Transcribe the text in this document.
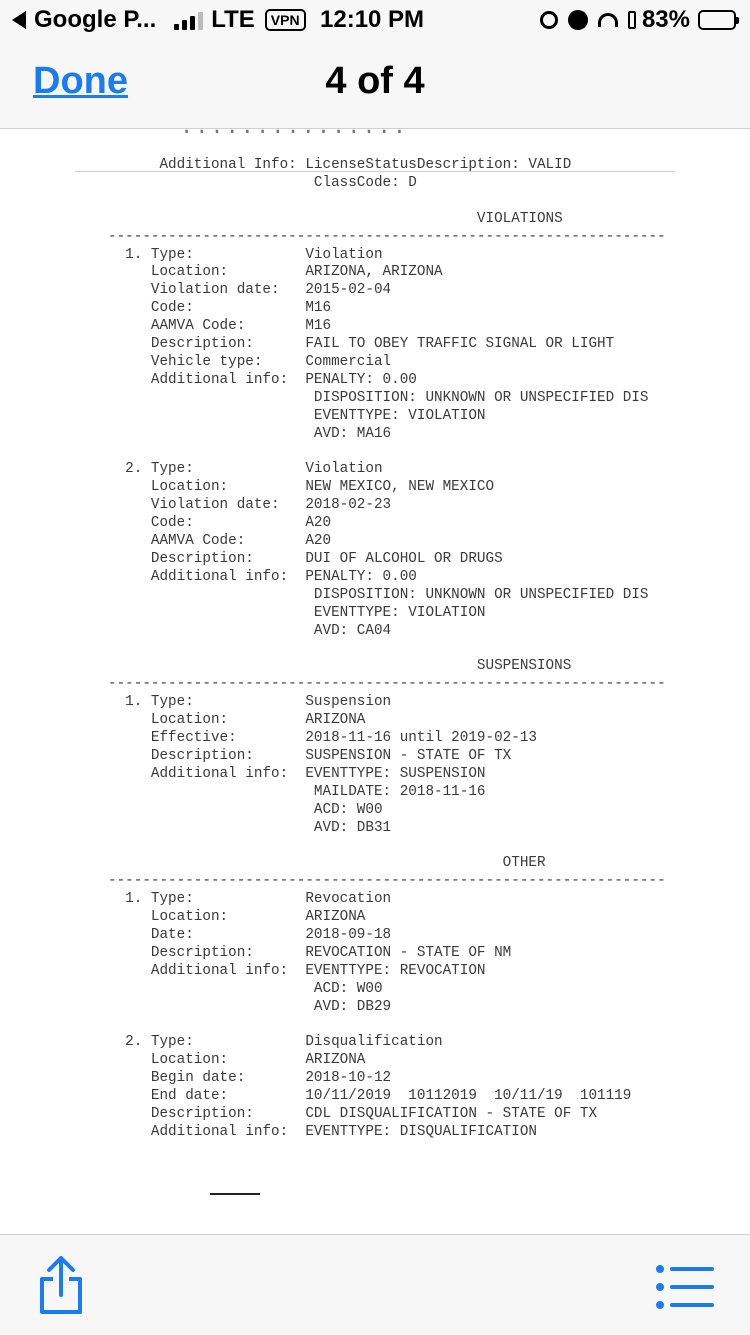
Google P... LTE	VPN 12:10 PM	83%
Done	4 of 4
...............
Additional Info: LicenseStatusDescription: VALID
ClassCode: D

VIOLATIONS
-----------------------------------------------------------------
1. Type:             Violation
Location:         ARIZONA, ARIZONA
Violation date:   2015-02-04
Code:             M16
AAMVA Code:       M16
Description:      FAIL TO OBEY TRAFFIC SIGNAL OR LIGHT
Vehicle type:     Commercial
Additional info:  PENALTY: 0.00
DISPOSITION: UNKNOWN OR UNSPECIFIED DIS
EVENTTYPE: VIOLATION
AVD: MA16

2. Type:             Violation
Location:         NEW MEXICO, NEW MEXICO
Violation date:   2018-02-23
Code:             A20
AAMVA Code:       A20
Description:      DUI OF ALCOHOL OR DRUGS
Additional info:  PENALTY: 0.00
DISPOSITION: UNKNOWN OR UNSPECIFIED DIS
EVENTTYPE: VIOLATION
AVD: CA04

SUSPENSIONS
-----------------------------------------------------------------
1. Type:             Suspension
Location:         ARIZONA
Effective:        2018-11-16 until 2019-02-13
Description:      SUSPENSION - STATE OF TX
Additional info:  EVENTTYPE: SUSPENSION
MAILDATE: 2018-11-16
ACD: W00
AVD: DB31

OTHER
-----------------------------------------------------------------
1. Type:             Revocation
Location:         ARIZONA
Date:             2018-09-18
Description:      REVOCATION - STATE OF NM
Additional info:  EVENTTYPE: REVOCATION
ACD: W00
AVD: DB29

2. Type:             Disqualification
Location:         ARIZONA
Begin date:       2018-10-12
End date:         10/11/2019  10112019  10/11/19  101119
Description:      CDL DISQUALIFICATION - STATE OF TX
Additional info:  EVENTTYPE: DISQUALIFICATION
